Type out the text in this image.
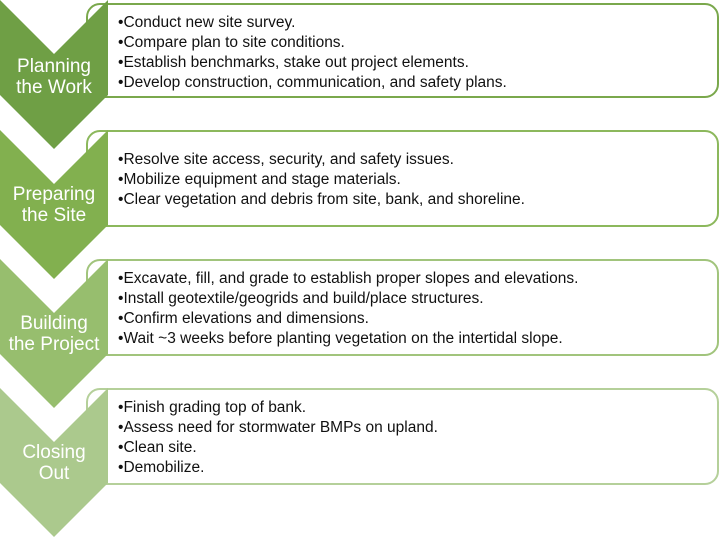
• Conduct new site survey.
• Compare plan to site conditions.
• Establish benchmarks, stake out project elements.
• Develop construction, communication, and safety plans.
• Resolve site access, security, and safety issues.
• Mobilize equipment and stage materials.
• Clear vegetation and debris from site, bank, and shoreline.
• Excavate, fill, and grade to establish proper slopes and elevations.
• Install geotextile/geogrids and build/place structures.
• Confirm elevations and dimensions.
• Wait ~3 weeks before planting vegetation on the intertidal slope.
• Finish grading top of bank.
• Assess need for stormwater BMPs on upland.
• Clean site.
• Demobilize.
Planning
the Work
Preparing
the Site
Building
the Project
Closing
Out
